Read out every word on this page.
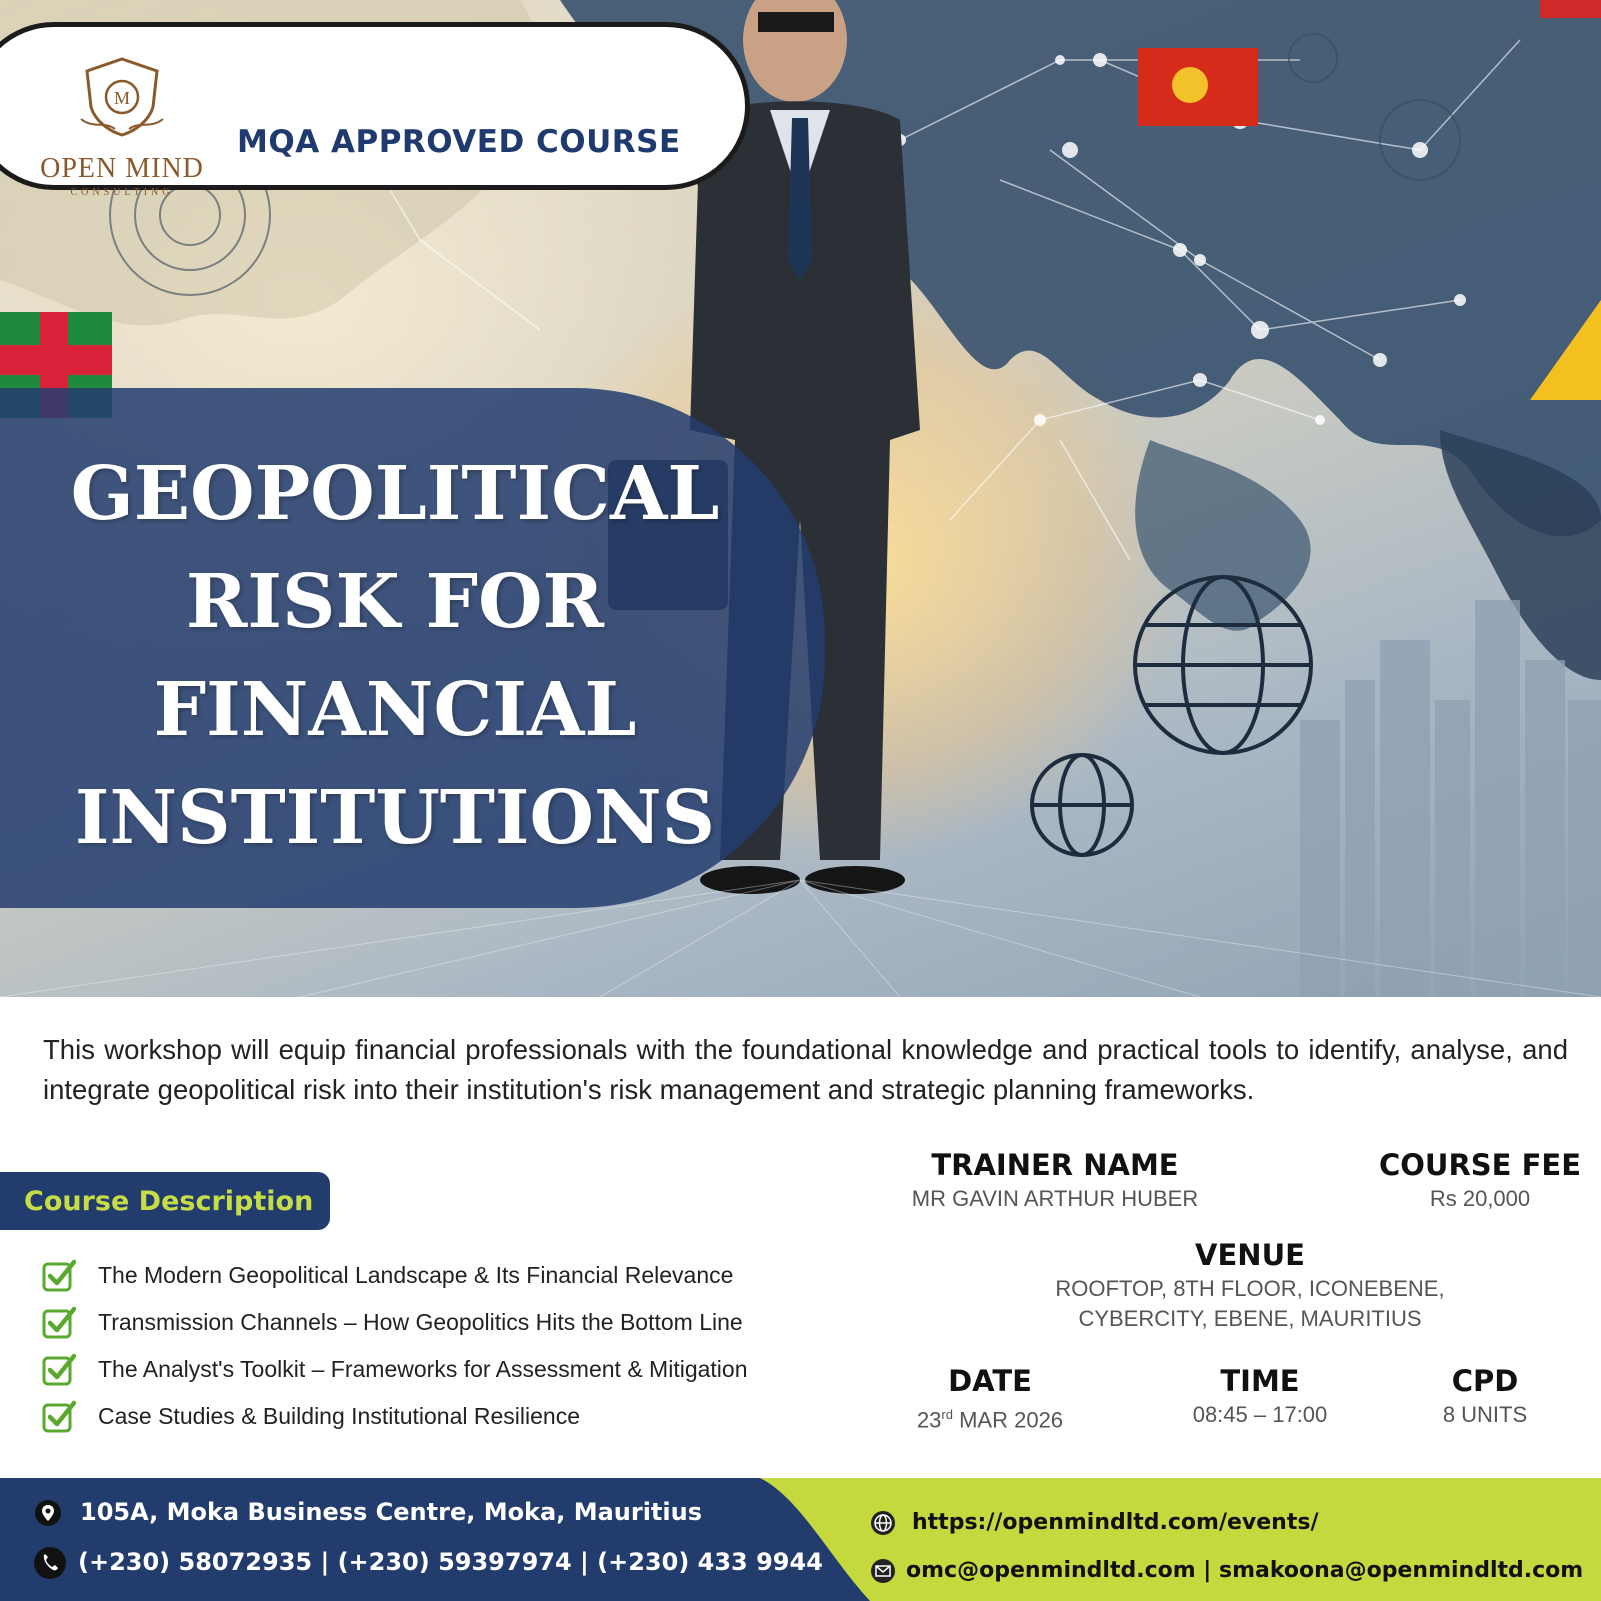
M
OPEN MIND
CONSULTING
MQA APPROVED COURSE
GEOPOLITICAL
RISK FOR
FINANCIAL
INSTITUTIONS
This workshop will equip financial professionals with the foundational knowledge and practical tools to identify, analyse, and integrate geopolitical risk into their institution's risk management and strategic planning frameworks.
Course Description
The Modern Geopolitical Landscape & Its Financial Relevance
Transmission Channels – How Geopolitics Hits the Bottom Line
The Analyst's Toolkit – Frameworks for Assessment & Mitigation
Case Studies & Building Institutional Resilience
TRAINER NAME
MR GAVIN ARTHUR HUBER
COURSE FEE
Rs 20,000
VENUE
ROOFTOP, 8TH FLOOR, ICONEBENE,
CYBERCITY, EBENE, MAURITIUS
DATE
23rd MAR 2026
TIME
08:45 – 17:00
CPD
8 UNITS
105A, Moka Business Centre, Moka, Mauritius
(+230) 58072935 | (+230) 59397974 | (+230) 433 9944
https://openmindltd.com/events/
omc@openmindltd.com | smakoona@openmindltd.com
